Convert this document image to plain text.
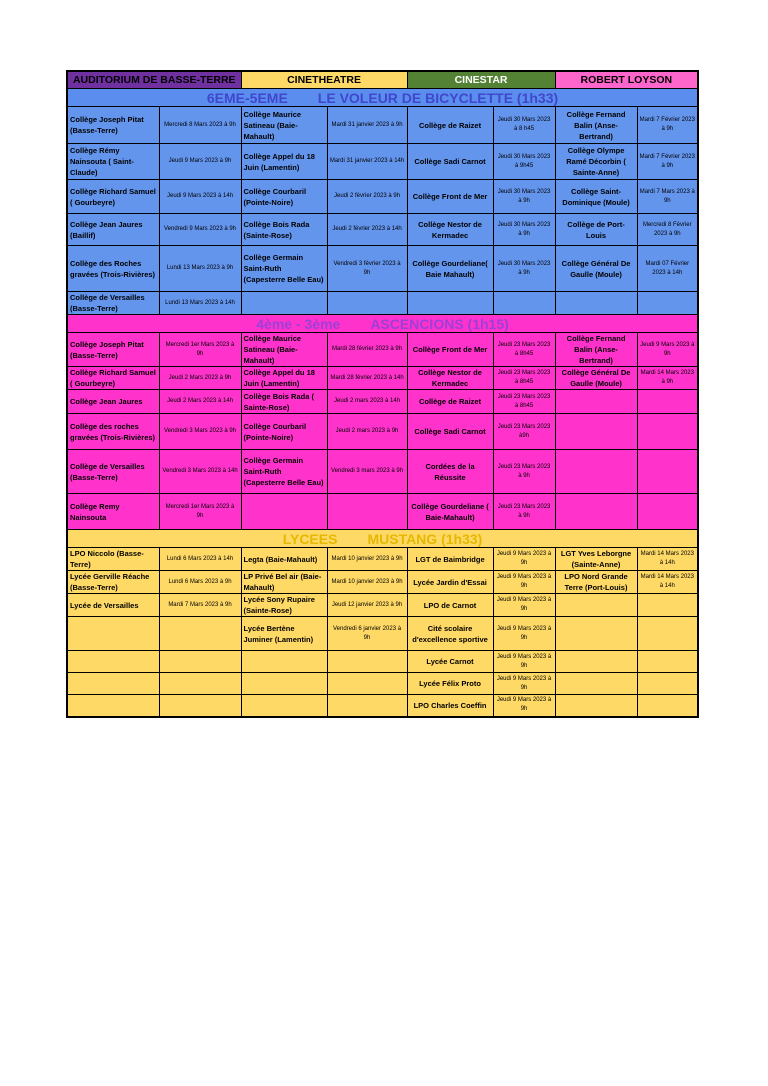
AUDITORIUM DE BASSE-TERRE		CINETHEATRE		CINESTAR		ROBERT LOYSON	
6EME-5EME LE VOLEUR DE BICYCLETTE (1h33)							
Collège Joseph Pitat (Basse-Terre)	Mercredi 8 Mars 2023 à 9h	Collège Maurice Satineau (Baie-Mahault)	Mardi 31 janvier 2023 à 9h	Collège de Raizet	Jeudi 30 Mars 2023 à 8 h45	Collège Fernand Balin (Anse-Bertrand)	Mardi 7 Février 2023 à 9h
Collège Rémy Nainsouta ( Saint-Claude)	Jeudi 9 Mars 2023 à 9h	Collège Appel du 18 Juin (Lamentin)	Mardi 31 janvier 2023 à 14h	Collège Sadi Carnot	Jeudi 30 Mars 2023 à 9h45	Collège Olympe Ramé Décorbin ( Sainte-Anne)	Mardi 7 Février 2023 à 9h
Collège Richard Samuel ( Gourbeyre)	Jeudi 9 Mars 2023 à 14h	Collège Courbaril (Pointe-Noire)	Jeudi 2 février 2023 à 9h	Collège Front de Mer	Jeudi 30 Mars 2023 à 9h	Collège Saint-Dominique (Moule)	Mardi 7 Mars 2023 à 9h
Collège Jean Jaures (Baillif)	Vendredi 9 Mars 2023 à 9h	Collège Bois Rada (Sainte-Rose)	Jeudi 2 février 2023 à 14h	Collège Nestor de Kermadec	Jeudi 30 Mars 2023 à 9h	Collège de Port-Louis	Mercredi 8 Février 2023 à 9h
Collège des Roches gravées (Trois-Rivières)	Lundi 13 Mars 2023 à 9h	Collège Germain Saint-Ruth (Capesterre Belle Eau)	Vendredi 3 février 2023 à 9h	Collège Gourdeliane( Baie Mahault)	Jeudi 30 Mars 2023 à 9h	Collège Général De Gaulle (Moule)	Mardi 07 Février 2023 à 14h
Collège de Versailles (Basse-Terre)	Lundi 13 Mars 2023 à 14h						
4ème - 3ème ASCENCIONS (1h15)							
Collège Joseph Pitat (Basse-Terre)	Mercredi 1er Mars 2023 à 9h	Collège Maurice Satineau (Baie-Mahault)	Mardi 28 février 2023 à 9h	Collège Front de Mer	Jeudi 23 Mars 2023 à 8h45	Collège Fernand Balin (Anse-Bertrand)	Jeudi 9 Mars 2023 à 9h
Collège Richard Samuel ( Gourbeyre)	Jeudi 2 Mars 2023 à 9h	Collège Appel du 18 Juin (Lamentin)	Mardi 28 février 2023 à 14h	Collège Nestor de Kermadec	Jeudi 23 Mars 2023 à 8h45	Collège Général De Gaulle (Moule)	Mardi 14 Mars 2023 à 9h
Collège Jean Jaures	Jeudi 2 Mars 2023 à 14h	Collège Bois Rada ( Sainte-Rose)	Jeudi 2 mars 2023 à 14h	Collège de Raizet	Jeudi 23 Mars 2023 à 8h45		
Collège des roches gravées (Trois-Rivières)	Vendredi 3 Mars 2023 à 9h	Collège Courbaril (Pointe-Noire)	Jeudi 2 mars 2023 à 9h	Collège Sadi Carnot	Jeudi 23 Mars 2023 à9h		
Collège de Versailles (Basse-Terre)	Vendredi 3 Mars 2023 à 14h	Collège Germain Saint-Ruth (Capesterre Belle Eau)	Vendredi 3 mars 2023 à 9h	Cordées de la Réussite	Jeudi 23 Mars 2023 à 9h		
Collège Remy Nainsouta	Mercredi 1er Mars 2023 à 9h			Collège Gourdeliane ( Baie-Mahault)	Jeudi 23 Mars 2023 à 9h		
LYCEES MUSTANG (1h33)							
LPO Niccolo (Basse-Terre)	Lundi 6 Mars 2023 à 14h	Legta (Baie-Mahault)	Mardi 10 janvier 2023 à 9h	LGT de Baimbridge	Jeudi 9 Mars 2023 à 9h	LGT Yves Leborgne (Sainte-Anne)	Mardi 14 Mars 2023 à 14h
Lycée Gerville Réache (Basse-Terre)	Lundi 6 Mars 2023 à 9h	LP Privé Bel air (Baie-Mahault)	Mardi 10 janvier 2023 à 9h	Lycée Jardin d'Essai	Jeudi 9 Mars 2023 à 9h	LPO Nord Grande Terre (Port-Louis)	Mardi 14 Mars 2023 à 14h
Lycée de Versailles	Mardi 7 Mars 2023 à 9h	Lycée Sony Rupaire (Sainte-Rose)	Jeudi 12 janvier 2023 à 9h	LPO de Carnot	Jeudi 9 Mars 2023 à 9h		
		Lycée Bertène Juminer (Lamentin)	Vendredi 6 janvier 2023 à 9h	Cité scolaire d'excellence sportive	Jeudi 9 Mars 2023 à 9h		
				Lycée Carnot	Jeudi 9 Mars 2023 à 9h		
				Lycée Félix Proto	Jeudi 9 Mars 2023 à 9h		
				LPO Charles Coeffin	Jeudi 9 Mars 2023 à 9h		
